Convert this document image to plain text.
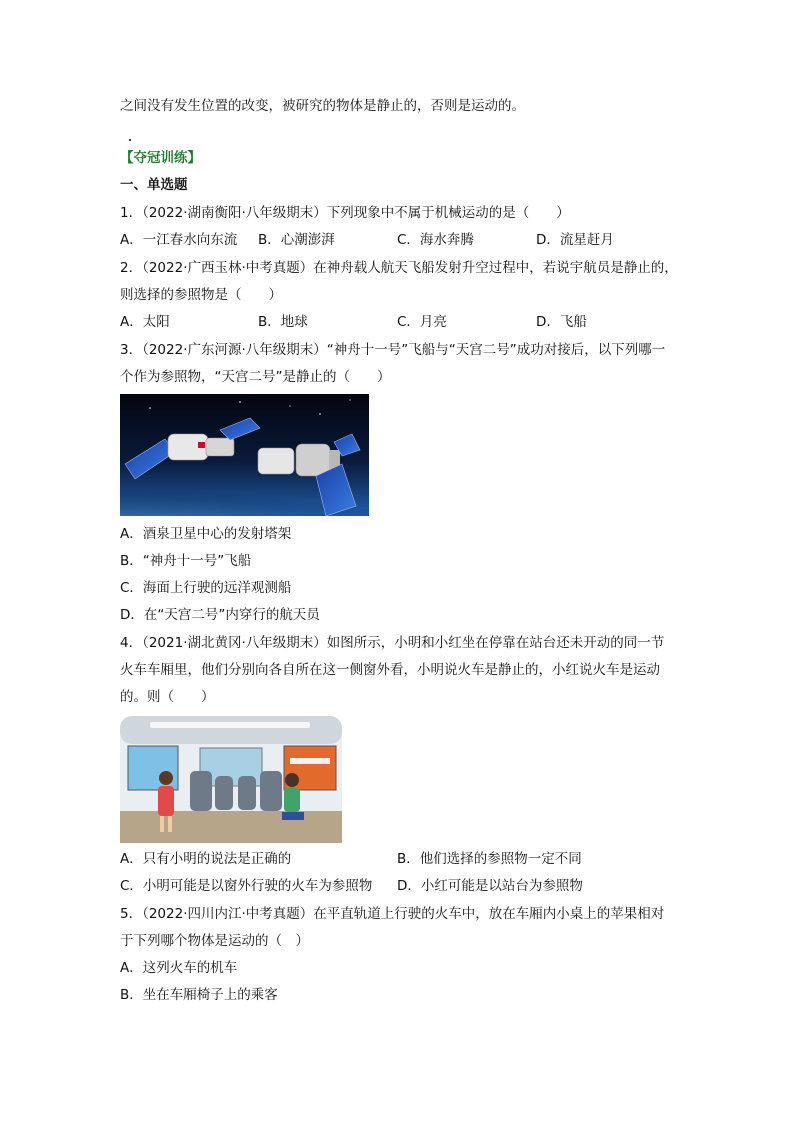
之间没有发生位置的改变，被研究的物体是静止的，否则是运动的。
【夺冠训练】
一、单选题
1．（2022·湖南衡阳·八年级期末）下列现象中不属于机械运动的是（　　）
A．一江春水向东流 B．心潮澎湃	C．海水奔腾	D．流星赶月
2．（2022·广西玉林·中考真题）在神舟载人航天飞船发射升空过程中，若说宇航员是静止的，
则选择的参照物是（　　）
A．太阳	B．地球	C．月亮	D．飞船
3．（2022·广东河源·八年级期末）“神舟十一号”飞船与“天宫二号”成功对接后，以下列哪一
个作为参照物，“天宫二号”是静止的（　　）
A．酒泉卫星中心的发射塔架
B．“神舟十一号”飞船
C．海面上行驶的远洋观测船
D．在“天宫二号”内穿行的航天员
4．（2021·湖北黄冈·八年级期末）如图所示，小明和小红坐在停靠在站台还未开动的同一节
火车车厢里，他们分别向各自所在这一侧窗外看，小明说火车是静止的，小红说火车是运动
的。则（　　）
A．只有小明的说法是正确的	B．他们选择的参照物一定不同
C．小明可能是以窗外行驶的火车为参照物 D．小红可能是以站台为参照物
5．（2022·四川内江·中考真题）在平直轨道上行驶的火车中，放在车厢内小桌上的苹果相对
于下列哪个物体是运动的（　）
A．这列火车的机车
B．坐在车厢椅子上的乘客
